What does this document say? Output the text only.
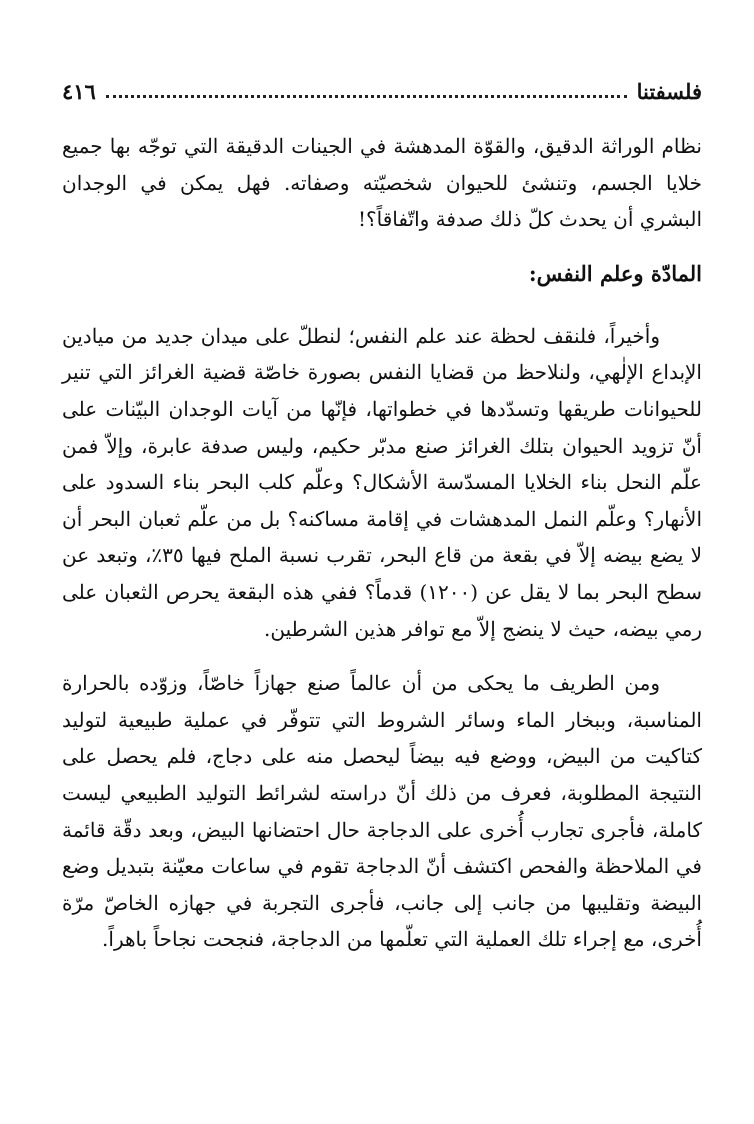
فلسفتنا
٤١٦

نظام الوراثة الدقيق، والقوّة المدهشة في الجينات الدقيقة التي توجّه بها جميع خلايا الجسم، وتنشئ للحيوان شخصيّته وصفاته. فهل يمكن في الوجدان البشري أن يحدث كلّ ذلك صدفة واتّفاقاً؟!

المادّة وعلم النفس:

وأخيراً، فلنقف لحظة عند علم النفس؛ لنطلّ على ميدان جديد من ميادين الإبداع الإلٰهي، ولنلاحظ من قضايا النفس بصورة خاصّة قضية الغرائز التي تنير للحيوانات طريقها وتسدّدها في خطواتها، فإنّها من آيات الوجدان البيّنات على أنّ تزويد الحيوان بتلك الغرائز صنع مدبّر حكيم، وليس صدفة عابرة، وإلاّ فمن علّم النحل بناء الخلايا المسدّسة الأشكال؟ وعلّم كلب البحر بناء السدود على الأنهار؟ وعلّم النمل المدهشات في إقامة مساكنه؟ بل من علّم ثعبان البحر أن لا يضع بيضه إلاّ في بقعة من قاع البحر، تقرب نسبة الملح فيها ٣٥٪، وتبعد عن سطح البحر بما لا يقل عن (١٢٠٠) قدماً؟ ففي هذه البقعة يحرص الثعبان على رمي بيضه، حيث لا ينضج إلاّ مع توافر هذين الشرطين.

ومن الطريف ما يحكى من أن عالماً صنع جهازاً خاصّاً، وزوّده بالحرارة المناسبة، وببخار الماء وسائر الشروط التي تتوفّر في عملية طبيعية لتوليد كتاكيت من البيض، ووضع فيه بيضاً ليحصل منه على دجاج، فلم يحصل على النتيجة المطلوبة، فعرف من ذلك أنّ دراسته لشرائط التوليد الطبيعي ليست كاملة، فأجرى تجارب أُخرى على الدجاجة حال احتضانها البيض، وبعد دقّة قائمة في الملاحظة والفحص اكتشف أنّ الدجاجة تقوم في ساعات معيّنة بتبديل وضع البيضة وتقليبها من جانب إلى جانب، فأجرى التجربة في جهازه الخاصّ مرّة أُخرى، مع إجراء تلك العملية التي تعلّمها من الدجاجة، فنجحت نجاحاً باهراً.
